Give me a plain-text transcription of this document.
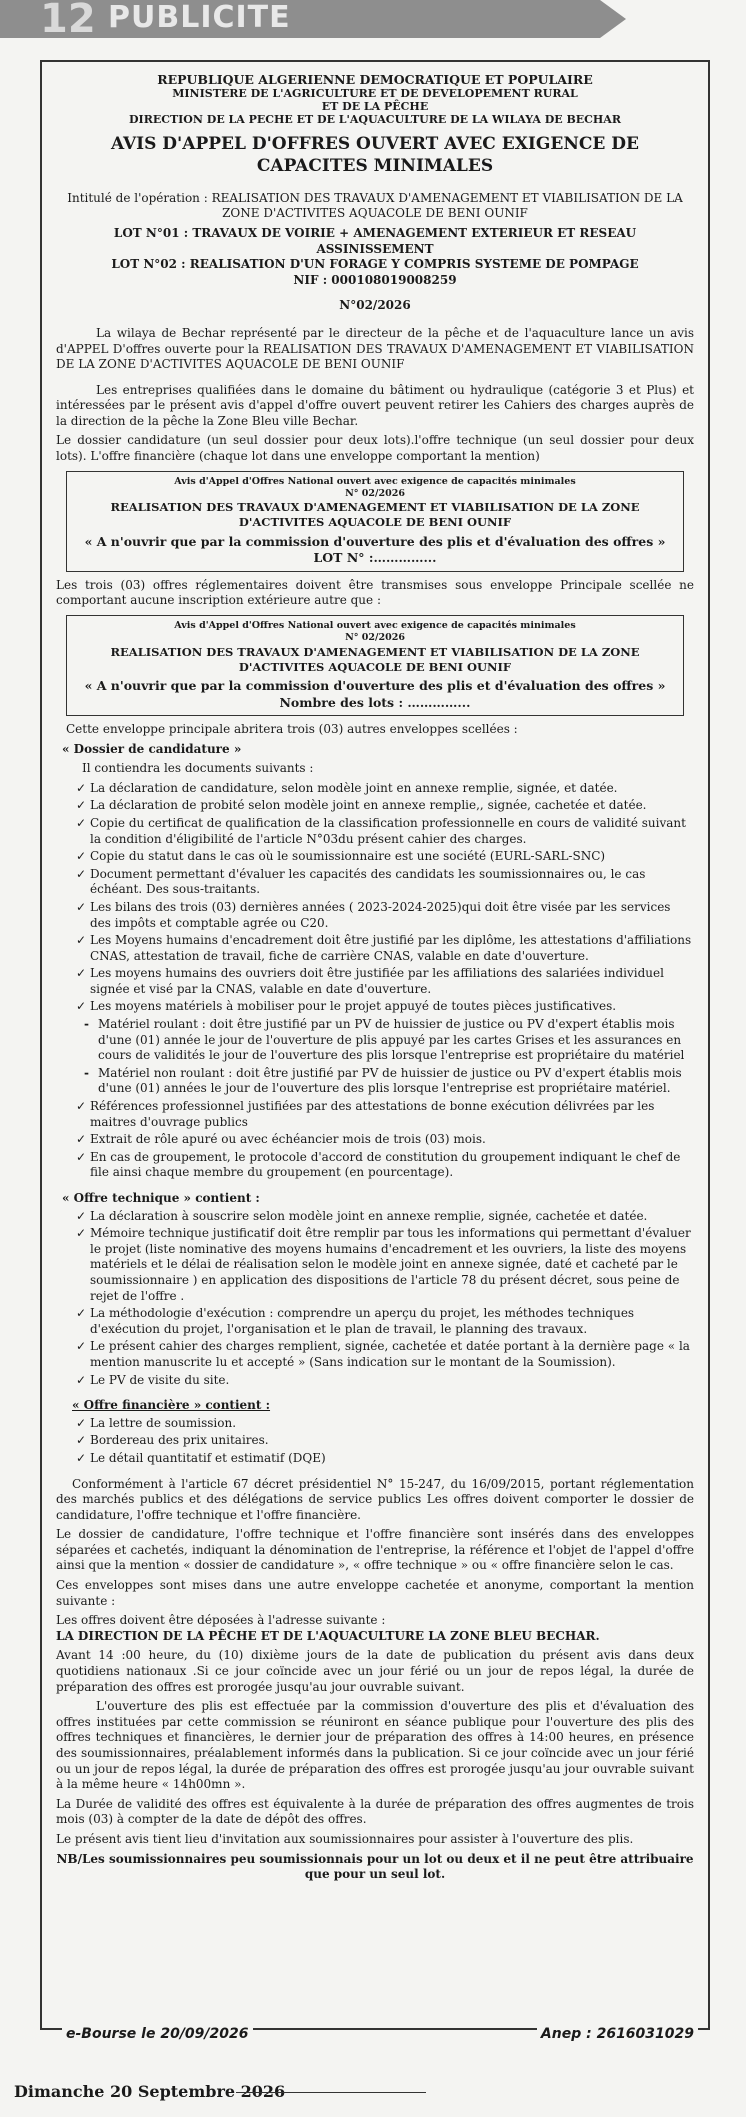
12 PUBLICITE
REPUBLIQUE ALGERIENNE DEMOCRATIQUE ET POPULAIRE
MINISTERE DE L'AGRICULTURE ET DE DEVELOPEMENT RURAL
ET DE LA PÊCHE
DIRECTION DE LA PECHE ET DE L'AQUACULTURE DE LA WILAYA DE BECHAR
AVIS D'APPEL D'OFFRES OUVERT AVEC EXIGENCE DE CAPACITES MINIMALES

Intitulé de l'opération : REALISATION DES TRAVAUX D'AMENAGEMENT ET VIABILISATION DE LA ZONE D'ACTIVITES AQUACOLE DE BENI OUNIF

LOT N°01 : TRAVAUX DE VOIRIE + AMENAGEMENT EXTERIEUR ET RESEAU ASSINISSEMENT

LOT N°02 : REALISATION D'UN FORAGE Y COMPRIS SYSTEME DE POMPAGE

NIF : 000108019008259

N°02/2026

La wilaya de Bechar représenté par le directeur de la pêche et de l'aquaculture lance un avis d'APPEL D'offres ouverte pour la REALISATION DES TRAVAUX D'AMENAGEMENT ET VIABILISATION DE LA ZONE D'ACTIVITES AQUACOLE DE BENI OUNIF

Les entreprises qualifiées dans le domaine du bâtiment ou hydraulique (catégorie 3 et Plus) et intéressées par le présent avis d'appel d'offre ouvert peuvent retirer les Cahiers des charges auprès de la direction de la pêche la Zone Bleu ville Bechar.

Le dossier candidature (un seul dossier pour deux lots).l'offre technique (un seul dossier pour deux lots). L'offre financière (chaque lot dans une enveloppe comportant la mention)

Avis d'Appel d'Offres National ouvert avec exigence de capacités minimales
N° 02/2026
REALISATION DES TRAVAUX D'AMENAGEMENT ET VIABILISATION DE LA ZONE D'ACTIVITES AQUACOLE DE BENI OUNIF
« A n'ouvrir que par la commission d'ouverture des plis et d'évaluation des offres »
LOT N° :…………...

Les trois (03) offres réglementaires doivent être transmises sous enveloppe Principale scellée ne comportant aucune inscription extérieure autre que :

Avis d'Appel d'Offres National ouvert avec exigence de capacités minimales
N° 02/2026
REALISATION DES TRAVAUX D'AMENAGEMENT ET VIABILISATION DE LA ZONE D'ACTIVITES AQUACOLE DE BENI OUNIF
« A n'ouvrir que par la commission d'ouverture des plis et d'évaluation des offres »
Nombre des lots : …………...

Cette enveloppe principale abritera trois (03) autres enveloppes scellées :

« Dossier de candidature »

Il contiendra les documents suivants :

✓ La déclaration de candidature, selon modèle joint en annexe remplie, signée, et datée.
✓ La déclaration de probité selon modèle joint en annexe remplie,, signée, cachetée et datée.
✓ Copie du certificat de qualification de la classification professionnelle en cours de validité suivant la condition d'éligibilité de l'article N°03du présent cahier des charges.
✓ Copie du statut dans le cas où le soumissionnaire est une société (EURL-SARL-SNC)
✓ Document permettant d'évaluer les capacités des candidats les soumissionnaires ou, le cas échéant. Des sous-traitants.
✓ Les bilans des trois (03) dernières années ( 2023-2024-2025)qui doit être visée par les services des impôts et comptable agrée ou C20.
✓ Les Moyens humains d'encadrement doit être justifié par les diplôme, les attestations d'affiliations CNAS, attestation de travail, fiche de carrière CNAS, valable en date d'ouverture.
✓ Les moyens humains des ouvriers doit être justifiée par les affiliations des salariées individuel signée et visé par la CNAS, valable en date d'ouverture.
✓ Les moyens matériels à mobiliser pour le projet appuyé de toutes pièces justificatives.
- Matériel roulant : doit être justifié par un PV de huissier de justice ou PV d'expert établis mois d'une (01) année le jour de l'ouverture de plis appuyé par les cartes Grises et les assurances en cours de validités le jour de l'ouverture des plis lorsque l'entreprise est propriétaire du matériel
- Matériel non roulant : doit être justifié par PV de huissier de justice ou PV d'expert établis mois d'une (01) années le jour de l'ouverture des plis lorsque l'entreprise est propriétaire matériel.
✓ Références professionnel justifiées par des attestations de bonne exécution délivrées par les maitres d'ouvrage publics
✓ Extrait de rôle apuré ou avec échéancier mois de trois (03) mois.
✓ En cas de groupement, le protocole d'accord de constitution du groupement indiquant le chef de file ainsi chaque membre du groupement (en pourcentage).
« Offre technique » contient :
✓ La déclaration à souscrire selon modèle joint en annexe remplie, signée, cachetée et datée.
✓ Mémoire technique justificatif doit être remplir par tous les informations qui permettant d'évaluer le projet (liste nominative des moyens humains d'encadrement et les ouvriers, la liste des moyens matériels et le délai de réalisation selon le modèle joint en annexe signée, daté et cacheté par le soumissionnaire ) en application des dispositions de l'article 78 du présent décret, sous peine de rejet de l'offre .
✓ La méthodologie d'exécution : comprendre un aperçu du projet, les méthodes techniques d'exécution du projet, l'organisation et le plan de travail, le planning des travaux.
✓ Le présent cahier des charges remplient, signée, cachetée et datée portant à la dernière page « la mention manuscrite lu et accepté » (Sans indication sur le montant de la Soumission).
✓ Le PV de visite du site.
« Offre financière » contient :
✓ La lettre de soumission.
✓ Bordereau des prix unitaires.
✓ Le détail quantitatif et estimatif (DQE)

Conformément à l'article 67 décret présidentiel N° 15-247, du 16/09/2015, portant réglementation des marchés publics et des délégations de service publics Les offres doivent comporter le dossier de candidature, l'offre technique et l'offre financière.

Le dossier de candidature, l'offre technique et l'offre financière sont insérés dans des enveloppes séparées et cachetés, indiquant la dénomination de l'entreprise, la référence et l'objet de l'appel d'offre ainsi que la mention « dossier de candidature », « offre technique » ou « offre financière selon le cas.

Ces enveloppes sont mises dans une autre enveloppe cachetée et anonyme, comportant la mention suivante :

Les offres doivent être déposées à l'adresse suivante :

LA DIRECTION DE LA PÊCHE ET DE L'AQUACULTURE LA ZONE BLEU BECHAR.

Avant 14 :00 heure, du (10) dixième jours de la date de publication du présent avis dans deux quotidiens nationaux .Si ce jour coïncide avec un jour férié ou un jour de repos légal, la durée de préparation des offres est prorogée jusqu'au jour ouvrable suivant.

L'ouverture des plis est effectuée par la commission d'ouverture des plis et d'évaluation des offres instituées par cette commission se réuniront en séance publique pour l'ouverture des plis des offres techniques et financières, le dernier jour de préparation des offres à 14:00 heures, en présence des soumissionnaires, préalablement informés dans la publication. Si ce jour coïncide avec un jour férié ou un jour de repos légal, la durée de préparation des offres est prorogée jusqu'au jour ouvrable suivant à la même heure « 14h00mn ».

La Durée de validité des offres est équivalente à la durée de préparation des offres augmentes de trois mois (03) à compter de la date de dépôt des offres.

Le présent avis tient lieu d'invitation aux soumissionnaires pour assister à l'ouverture des plis.

NB/Les soumissionnaires peu soumissionnais pour un lot ou deux et il ne peut être attribuaire que pour un seul lot.

e-Bourse le 20/09/2026	Anep : 2616031029
Dimanche 20 Septembre 2026
